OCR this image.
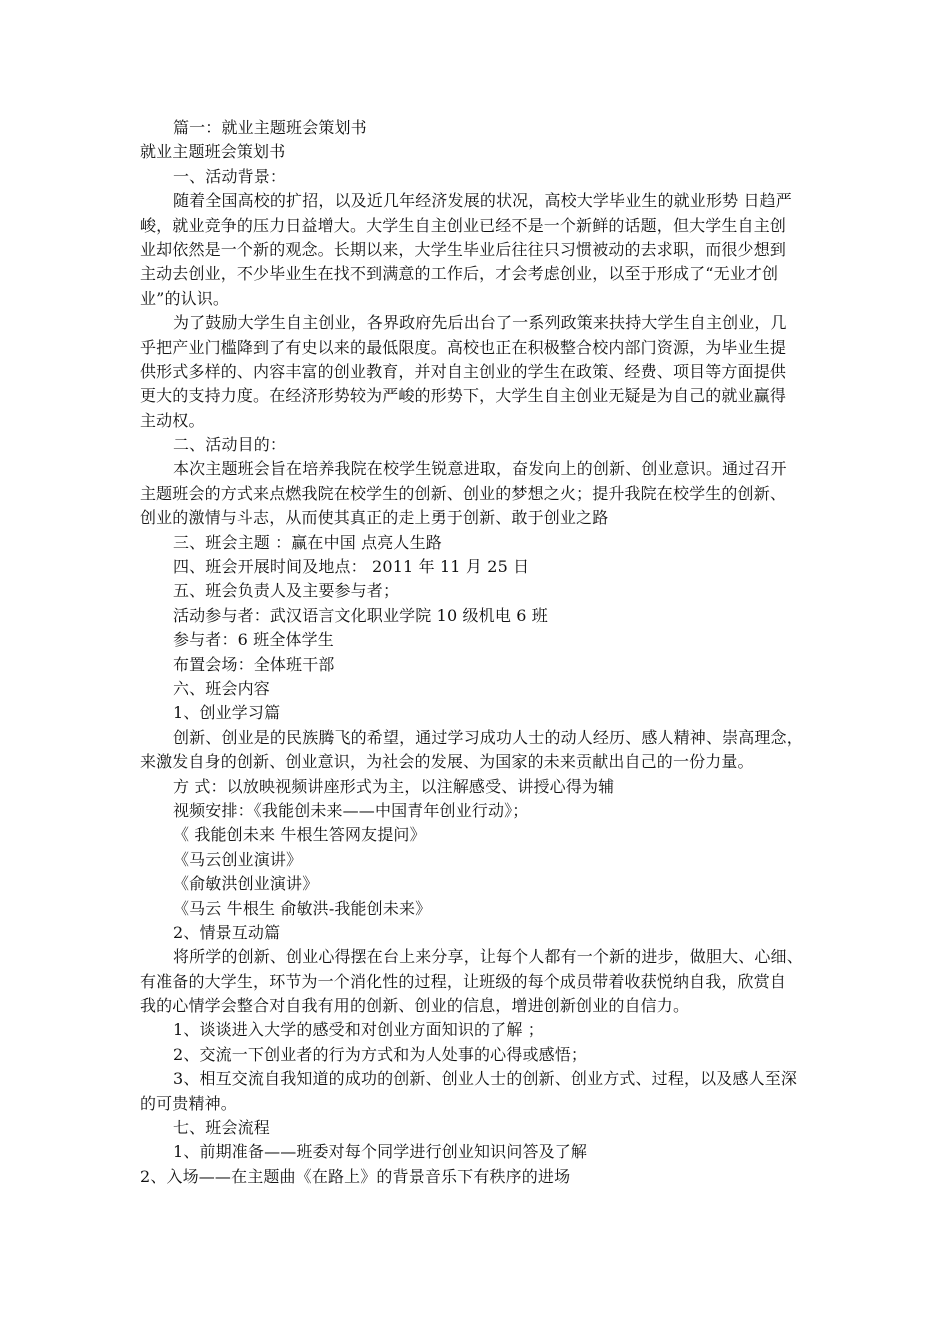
篇一：就业主题班会策划书
就业主题班会策划书
一、活动背景：
随着全国高校的扩招，以及近几年经济发展的状况，高校大学毕业生的就业形势 日趋严
峻，就业竞争的压力日益增大。大学生自主创业已经不是一个新鲜的话题，但大学生自主创
业却依然是一个新的观念。长期以来，大学生毕业后往往只习惯被动的去求职，而很少想到
主动去创业，不少毕业生在找不到满意的工作后，才会考虑创业，以至于形成了“无业才创
业”的认识。
为了鼓励大学生自主创业，各界政府先后出台了一系列政策来扶持大学生自主创业，几
乎把产业门槛降到了有史以来的最低限度。高校也正在积极整合校内部门资源，为毕业生提
供形式多样的、内容丰富的创业教育，并对自主创业的学生在政策、经费、项目等方面提供
更大的支持力度。在经济形势较为严峻的形势下，大学生自主创业无疑是为自己的就业赢得
主动权。
二、活动目的：
本次主题班会旨在培养我院在校学生锐意进取，奋发向上的创新、创业意识。通过召开
主题班会的方式来点燃我院在校学生的创新、创业的梦想之火；提升我院在校学生的创新、
创业的激情与斗志，从而使其真正的走上勇于创新、敢于创业之路
三、班会主题 ：赢在中国 点亮人生路
四、班会开展时间及地点： 2011 年 11 月 25 日
五、班会负责人及主要参与者；
活动参与者：武汉语言文化职业学院 10 级机电 6 班
参与者：6 班全体学生
布置会场：全体班干部
六、班会内容
1、创业学习篇
创新、创业是的民族腾飞的希望，通过学习成功人士的动人经历、感人精神、崇高理念，
来激发自身的创新、创业意识，为社会的发展、为国家的未来贡献出自己的一份力量。
方 式：以放映视频讲座形式为主，以注解感受、讲授心得为辅
视频安排：《我能创未来——中国青年创业行动》；
《 我能创未来 牛根生答网友提问》
《马云创业演讲》
《俞敏洪创业演讲》
《马云 牛根生 俞敏洪-我能创未来》
2、情景互动篇
将所学的创新、创业心得摆在台上来分享，让每个人都有一个新的进步，做胆大、心细、
有准备的大学生，环节为一个消化性的过程，让班级的每个成员带着收获悦纳自我，欣赏自
我的心情学会整合对自我有用的创新、创业的信息，增进创新创业的自信力。
1、谈谈进入大学的感受和对创业方面知识的了解 ；
2、交流一下创业者的行为方式和为人处事的心得或感悟；
3、相互交流自我知道的成功的创新、创业人士的创新、创业方式、过程，以及感人至深
的可贵精神。
七、班会流程
1、前期准备——班委对每个同学进行创业知识问答及了解
2、入场——在主题曲《在路上》的背景音乐下有秩序的进场
